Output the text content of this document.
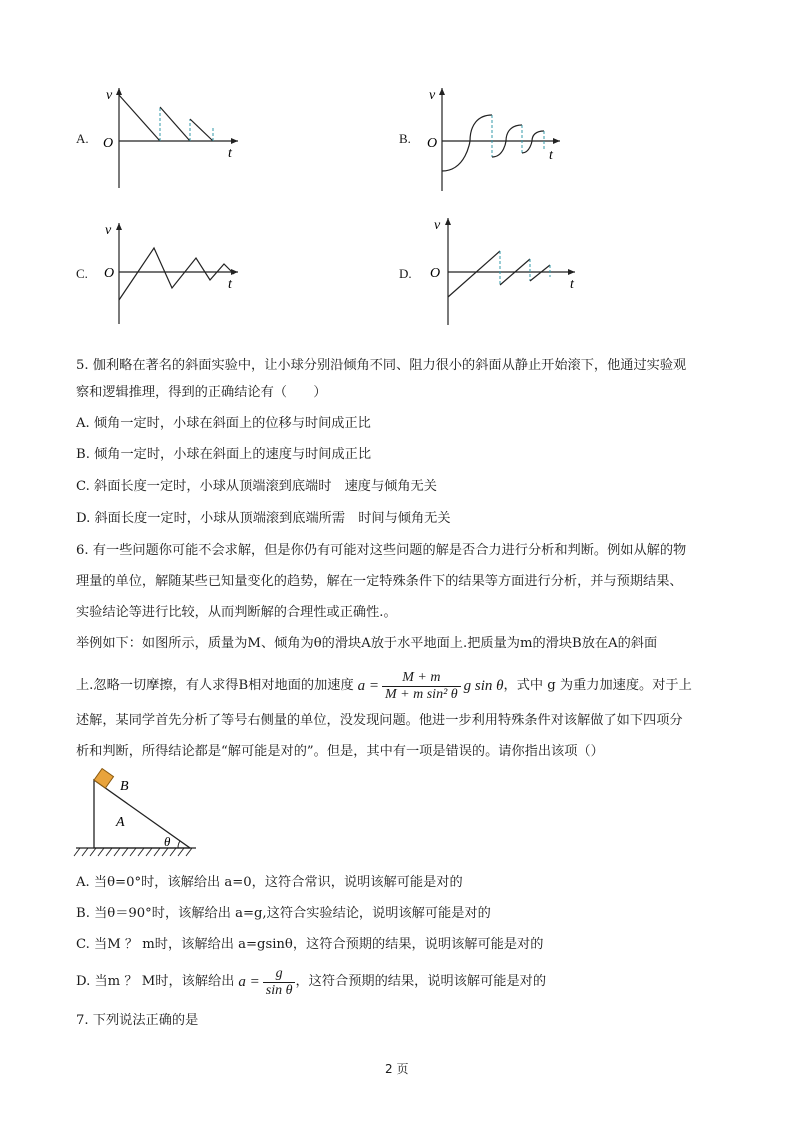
A.	B.
C.	D.
O
v
t
O
v
t
O
v
t
O
v
t
5. 伽利略在著名的斜面实验中，让小球分别沿倾角不同、阻力很小的斜面从静止开始滚下，他通过实验观
察和逻辑推理，得到的正确结论有（　　）
A. 倾角一定时，小球在斜面上的位移与时间成正比
B. 倾角一定时，小球在斜面上的速度与时间成正比
C. 斜面长度一定时，小球从顶端滚到底端时　速度与倾角无关
D. 斜面长度一定时，小球从顶端滚到底端所需　时间与倾角无关
6. 有一些问题你可能不会求解，但是你仍有可能对这些问题的解是否合力进行分析和判断。例如从解的物
理量的单位，解随某些已知量变化的趋势，解在一定特殊条件下的结果等方面进行分析，并与预期结果、
实验结论等进行比较，从而判断解的合理性或正确性.。
举例如下：如图所示，质量为M、倾角为θ的滑块A放于水平地面上.把质量为m的滑块B放在A的斜面
上.忽略一切摩擦，有人求得B相对地面的加速度 $a = \frac{M + m}{\text{M + m sin² θ}}$ g sin θ ，式中 g 为重力加速度。对于上
述解，某同学首先分析了等号右侧量的单位，没发现问题。他进一步利用特殊条件对该解做了如下四项分
析和判断，所得结论都是“解可能是对的”。但是，其中有一项是错误的。请你指出该项（）
B
A
θ
A. 当θ=0°时，该解给出 a=0，这符合常识，说明该解可能是对的
B. 当θ＝90°时，该解给出 a=g,这符合实验结论，说明该解可能是对的
C. 当M ？ m时，该解给出 a=gsinθ，这符合预期的结果，说明该解可能是对的
D. 当m ？ M时，该解给出 $a = \frac{g}{\text{sin θ}}$ ，这符合预期的结果，说明该解可能是对的
7. 下列说法正确的是
2 页
